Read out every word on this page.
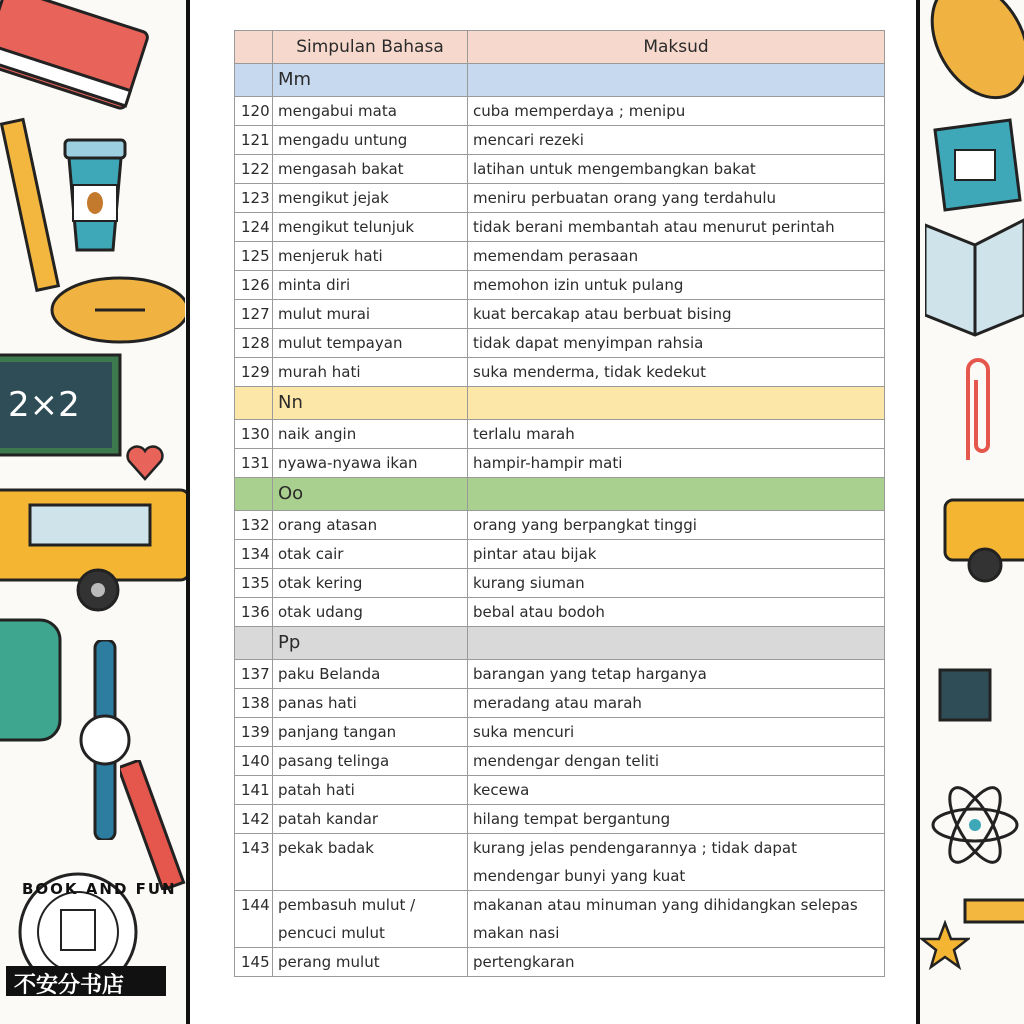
2×2
	Simpulan Bahasa	Maksud
	Mm	
120	mengabui mata	cuba memperdaya ; menipu
121	mengadu untung	mencari rezeki
122	mengasah bakat	latihan untuk mengembangkan bakat
123	mengikut jejak	meniru perbuatan orang yang terdahulu
124	mengikut telunjuk	tidak berani membantah atau menurut perintah
125	menjeruk hati	memendam perasaan
126	minta diri	memohon izin untuk pulang
127	mulut murai	kuat bercakap atau berbuat bising
128	mulut tempayan	tidak dapat menyimpan rahsia
129	murah hati	suka menderma, tidak kedekut
	Nn	
130	naik angin	terlalu marah
131	nyawa-nyawa ikan	hampir-hampir mati
	Oo	
132	orang atasan	orang yang berpangkat tinggi
134	otak cair	pintar atau bijak
135	otak kering	kurang siuman
136	otak udang	bebal atau bodoh
	Pp	
137	paku Belanda	barangan yang tetap harganya
138	panas hati	meradang atau marah
139	panjang tangan	suka mencuri
140	pasang telinga	mendengar dengan teliti
141	patah hati	kecewa
142	patah kandar	hilang tempat bergantung
143	pekak badak	kurang jelas pendengarannya ; tidak dapat mendengar bunyi yang kuat
144	pembasuh mulut / pencuci mulut	makanan atau minuman yang dihidangkan selepas makan nasi
145	perang mulut	pertengkaran
BOOK AND FUN
不安分书店
